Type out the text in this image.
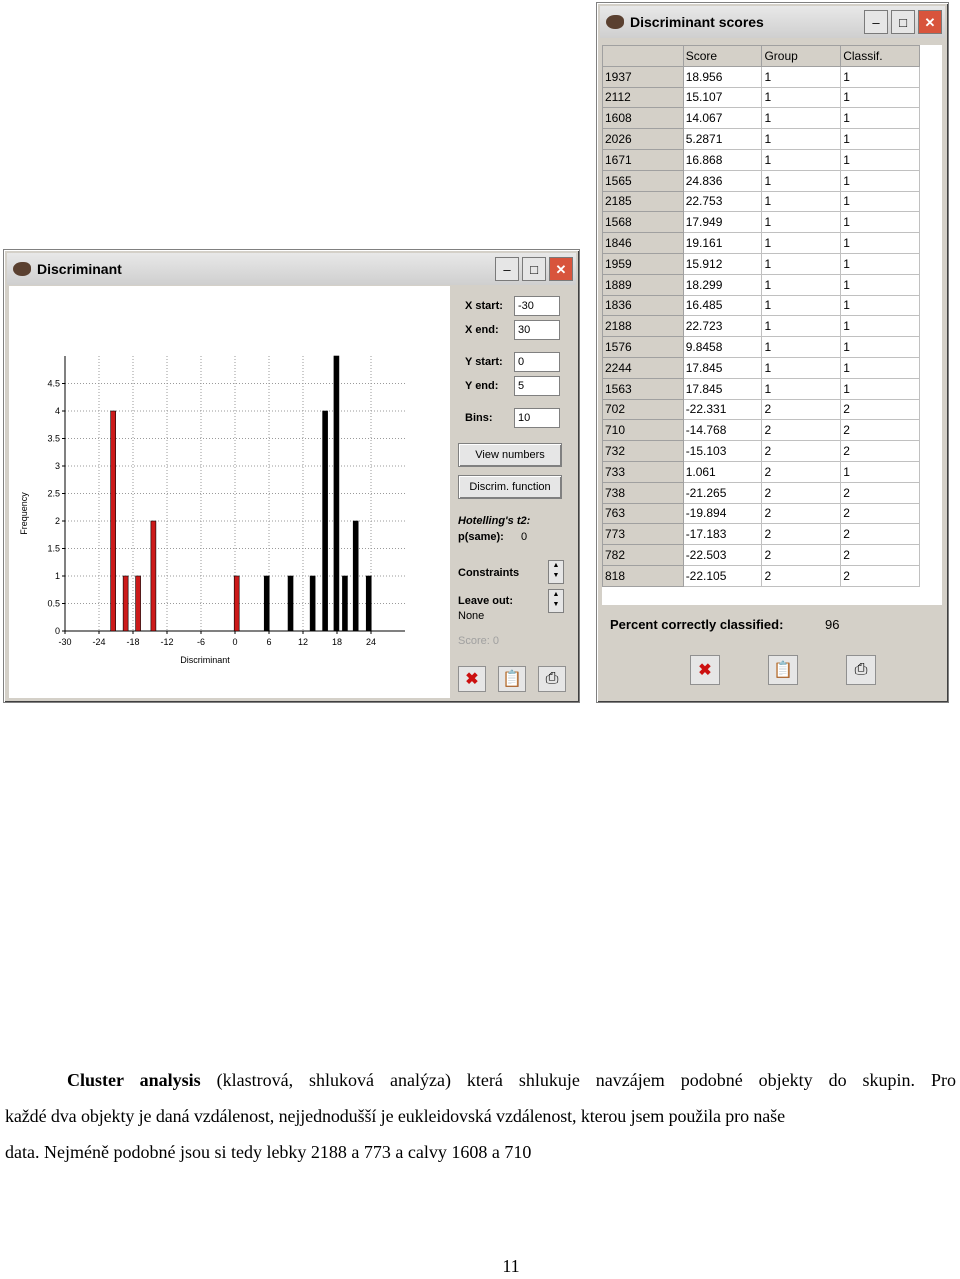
Discriminant	–	□	✕
0
0.5
1
1.5
2
2.5
3
3.5
4
4.5
-30 -24 -18 -12	-6	0	6	12	18	24
Discriminant
Frequency
X start:
-30
X end:
30
Y start:
0
Y end:
5
Bins:
10
View numbers
Discrim. function
Hotelling's t2:
p(same): 0
Constraints
▲
▼
Leave out:
▲
▼
None
Score: 0
✖	📋	⎙
Discriminant scores	–	□	✕
	Score	Group	Classif.
1937	18.956	1	1
2112	15.107	1	1
1608	14.067	1	1
2026	5.2871	1	1
1671	16.868	1	1
1565	24.836	1	1
2185	22.753	1	1
1568	17.949	1	1
1846	19.161	1	1
1959	15.912	1	1
1889	18.299	1	1
1836	16.485	1	1
2188	22.723	1	1
1576	9.8458	1	1
2244	17.845	1	1
1563	17.845	1	1
702	-22.331	2	2
710	-14.768	2	2
732	-15.103	2	2
733	1.061	2	1
738	-21.265	2	2
763	-19.894	2	2
773	-17.183	2	2
782	-22.503	2	2
818	-22.105	2	2
Percent correctly classified:	96
✖	📋	⎙
Cluster analysis (klastrová, shluková analýza) která shlukuje navzájem podobné objekty do skupin. Pro
každé dva objekty je daná vzdálenost, nejjednodušší je eukleidovská vzdálenost, kterou jsem použila pro naše
data. Nejméně podobné jsou si tedy lebky 2188 a 773 a calvy 1608 a 710
11
